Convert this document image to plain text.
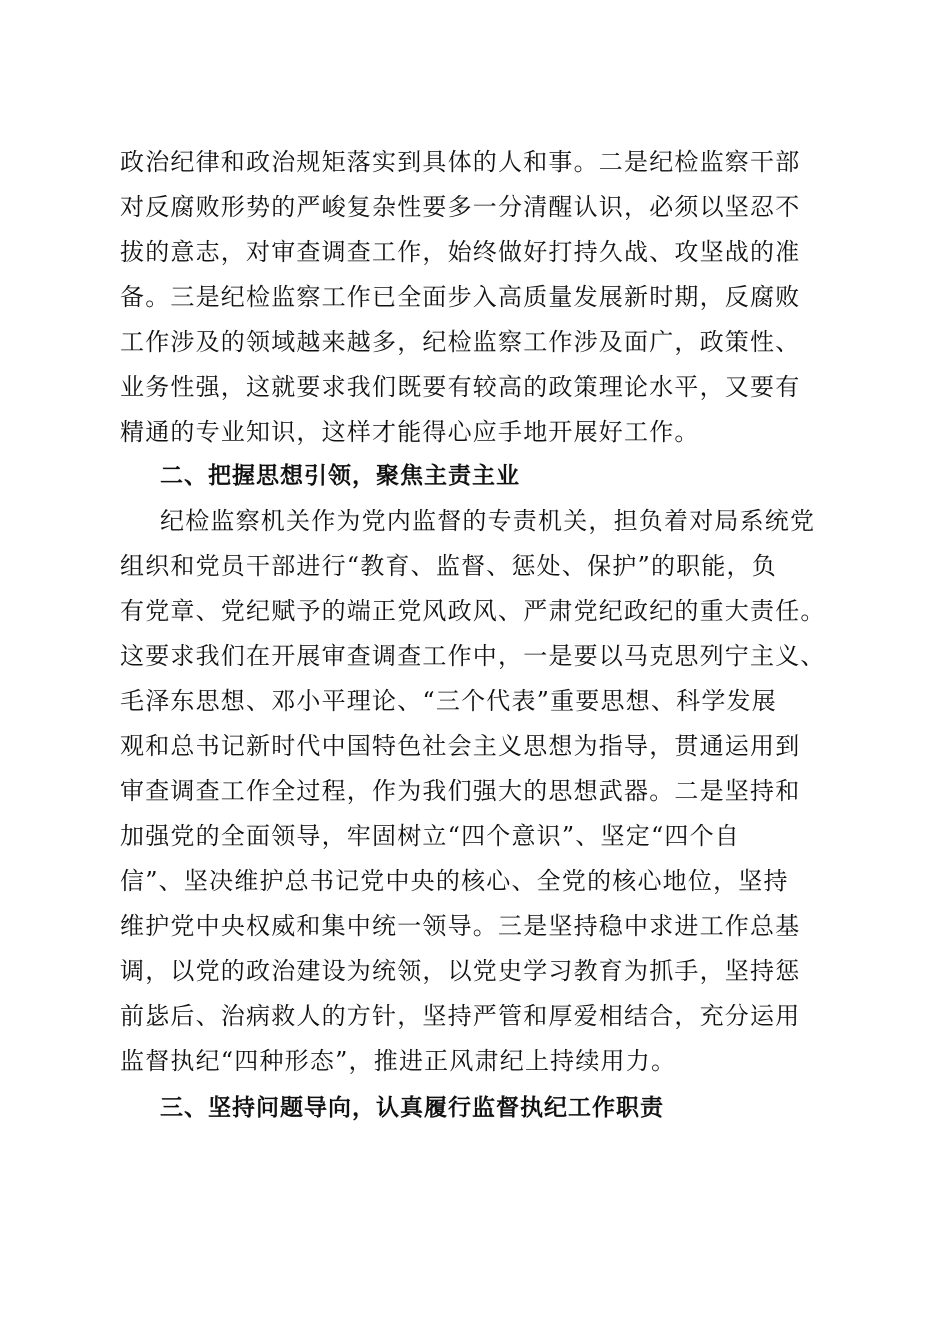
政治纪律和政治规矩落实到具体的人和事。二是纪检监察干部
对反腐败形势的严峻复杂性要多一分清醒认识，必须以坚忍不
拔的意志，对审查调查工作，始终做好打持久战、攻坚战的准
备。三是纪检监察工作已全面步入高质量发展新时期，反腐败
工作涉及的领域越来越多，纪检监察工作涉及面广，政策性、
业务性强，这就要求我们既要有较高的政策理论水平，又要有
精通的专业知识，这样才能得心应手地开展好工作。
二、把握思想引领，聚焦主责主业
纪检监察机关作为党内监督的专责机关，担负着对局系统党
组织和党员干部进行“教育、监督、惩处、保护”的职能，负
有党章、党纪赋予的端正党风政风、严肃党纪政纪的重大责任。
这要求我们在开展审查调查工作中，一是要以马克思列宁主义、
毛泽东思想、邓小平理论、“三个代表”重要思想、科学发展
观和总书记新时代中国特色社会主义思想为指导，贯通运用到
审查调查工作全过程，作为我们强大的思想武器。二是坚持和
加强党的全面领导，牢固树立“四个意识”、坚定“四个自
信”、坚决维护总书记党中央的核心、全党的核心地位，坚持
维护党中央权威和集中统一领导。三是坚持稳中求进工作总基
调，以党的政治建设为统领，以党史学习教育为抓手，坚持惩
前毖后、治病救人的方针，坚持严管和厚爱相结合，充分运用
监督执纪“四种形态”，推进正风肃纪上持续用力。
三、坚持问题导向，认真履行监督执纪工作职责
